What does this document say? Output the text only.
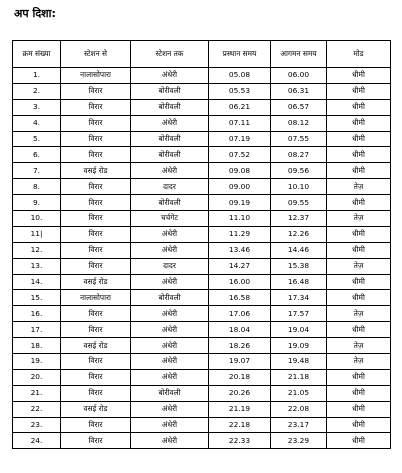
अप दिशा:

क्रम संख्या	स्टेशन से	स्टेशन तक	प्रस्थान समय	आगमन समय	मोड
1.	नालासोपारा	अंधेरी	05.08	06.00	धीमी
2.	विरार	बोरीवली	05.53	06.31	धीमी
3.	विरार	बोरीवली	06.21	06.57	धीमी
4.	विरार	अंधेरी	07.11	08.12	धीमी
5.	विरार	बोरीवली	07.19	07.55	धीमी
6.	विरार	बोरीवली	07.52	08.27	धीमी
7.	वसई रोड	अंधेरी	09.08	09.56	धीमी
8.	विरार	दादर	09.00	10.10	तेज़
9.	विरार	बोरीवली	09.19	09.55	धीमी
10.	विरार	चर्चगेट	11.10	12.37	तेज़
11|	विरार	अंधेरी	11.29	12.26	धीमी
12.	विरार	अंधेरी	13.46	14.46	धीमी
13.	विरार	दादर	14.27	15.38	तेज़
14.	वसई रोड	अंधेरी	16.00	16.48	धीमी
15.	नालासोपारा	बोरीवली	16.58	17.34	धीमी
16.	विरार	अंधेरी	17.06	17.57	तेज़
17.	विरार	अंधेरी	18.04	19.04	धीमी
18.	वसई रोड	अंधेरी	18.26	19.09	तेज़
19.	विरार	अंधेरी	19.07	19.48	तेज़
20.	विरार	अंधेरी	20.18	21.18	धीमी
21.	विरार	बोरीवली	20.26	21.05	धीमी
22.	वसई रोड	अंधेरी	21.19	22.08	धीमी
23.	विरार	अंधेरी	22.18	23.17	धीमी
24.	विरार	अंधेरी	22.33	23.29	धीमी
